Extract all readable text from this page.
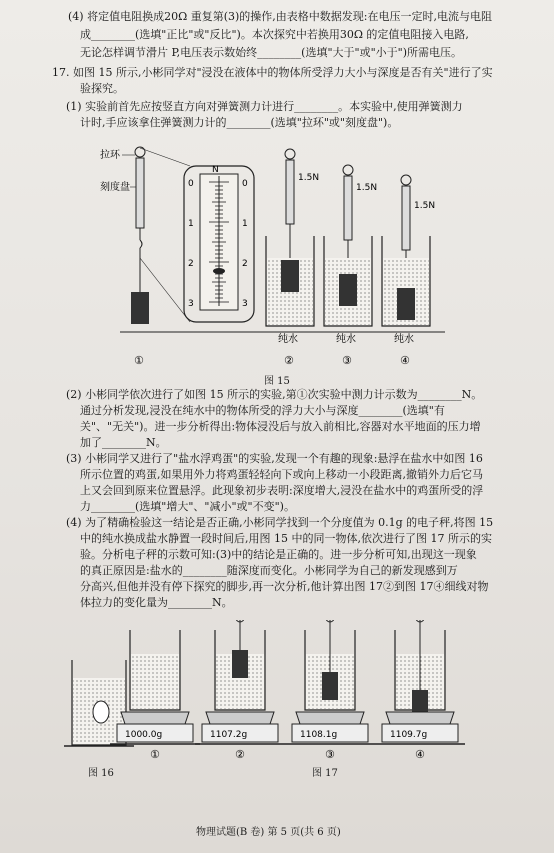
(4) 将定值电阻换成20Ω 重复第(3)的操作,由表格中数据发现:在电压一定时,电流与电阻
成________(选填"正比"或"反比")。本次探究中若换用30Ω 的定值电阻接入电路,
无论怎样调节滑片 P,电压表示数始终________(选填"大于"或"小于")所需电压。
17. 如图 15 所示,小彬同学对"浸没在液体中的物体所受浮力大小与深度是否有关"进行了实
验探究。
(1) 实验前首先应按竖直方向对弹簧测力计进行________。本实验中,使用弹簧测力
计时,手应该拿住弹簧测力计的________(选填"拉环"或"刻度盘")。
(2) 小彬同学依次进行了如图 15 所示的实验,第①次实验中测力计示数为________N。
通过分析发现,浸没在纯水中的物体所受的浮力大小与深度________(选填"有
关"、"无关")。进一步分析得出:物体浸没后与放入前相比,容器对水平地面的压力增
加了________N。
(3) 小彬同学又进行了"盐水浮鸡蛋"的实验,发现一个有趣的现象:悬浮在盐水中如图 16
所示位置的鸡蛋,如果用外力将鸡蛋轻轻向下或向上移动一小段距离,撤销外力后它马
上又会回到原来位置悬浮。此现象初步表明:深度增大,浸没在盐水中的鸡蛋所受的浮
力________(选填"增大"、"减小"或"不变")。
(4) 为了精确检验这一结论是否正确,小彬同学找到一个分度值为 0.1g 的电子秤,将图 15
中的纯水换成盐水静置一段时间后,用图 15 中的同一物体,依次进行了图 17 所示的实
验。分析电子秤的示数可知:(3)中的结论是正确的。进一步分析可知,出现这一现象
的真正原因是:盐水的________随深度而变化。小彬同学为自己的新发现感到万
分高兴,但他并没有停下探究的脚步,再一次分析,他计算出图 17②到图 17④细线对物
体拉力的变化量为________N。
N
0
1
2
3
0
1
2
3
拉环
刻度盘
①
1.5N
纯水
②
1.5N
纯水
③
1.5N
纯水
④
图 15
1000.0g
①
1107.2g
②
1108.1g
③
1109.7g
④
图 16	图 17
物理试题(B 卷) 第 5 页(共 6 页)
